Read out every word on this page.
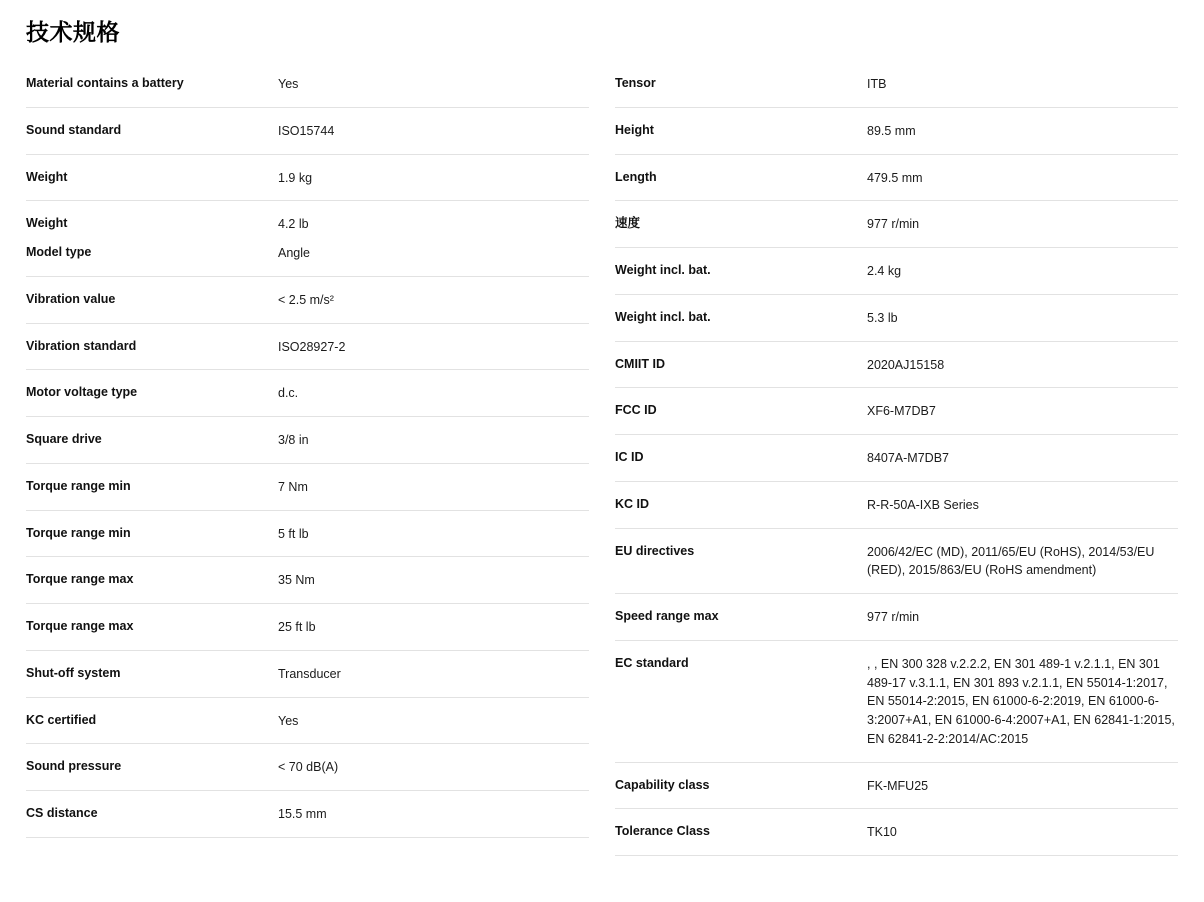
技术规格
Material contains a battery	Yes
Sound standard	ISO15744
Weight	1.9 kg
Weight	4.2 lb
Model type	Angle
Vibration value	< 2.5 m/s²
Vibration standard	ISO28927-2
Motor voltage type	d.c.
Square drive	3/8 in
Torque range min	7 Nm
Torque range min	5 ft lb
Torque range max	35 Nm
Torque range max	25 ft lb
Shut-off system	Transducer
KC certified	Yes
Sound pressure	< 70 dB(A)
CS distance	15.5 mm
Tensor	ITB
Height	89.5 mm
Length	479.5 mm
速度	977 r/min
Weight incl. bat.	2.4 kg
Weight incl. bat.	5.3 lb
CMIIT ID	2020AJ15158
FCC ID	XF6-M7DB7
IC ID	8407A-M7DB7
KC ID	R-R-50A-IXB Series
EU directives	2006/42/EC (MD), 2011/65/EU (RoHS), 2014/53/EU (RED), 2015/863/EU (RoHS amendment)
Speed range max	977 r/min
EC standard	, , EN 300 328 v.2.2.2, EN 301 489-1 v.2.1.1, EN 301 489-17 v.3.1.1, EN 301 893 v.2.1.1, EN 55014-1:2017, EN 55014-2:2015, EN 61000-6-2:2019, EN 61000-6-3:2007+A1, EN 61000-6-4:2007+A1, EN 62841-1:2015, EN 62841-2-2:2014/AC:2015
Capability class	FK-MFU25
Tolerance Class	TK10
